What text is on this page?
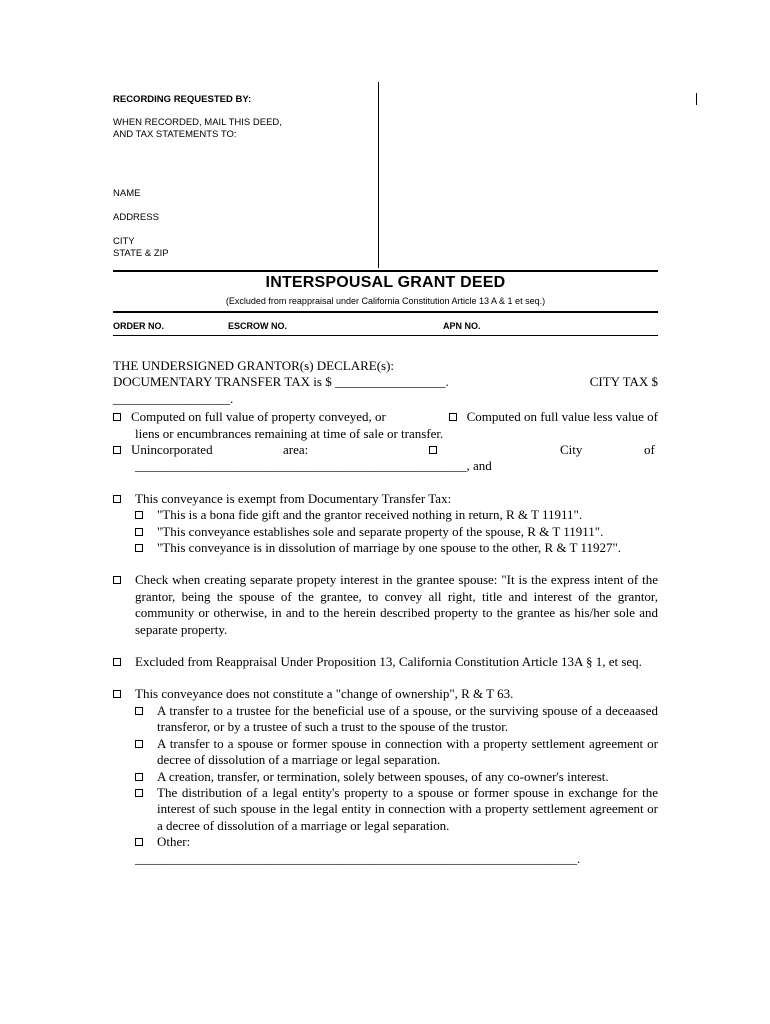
RECORDING REQUESTED BY:
WHEN RECORDED, MAIL THIS DEED,
AND TAX STATEMENTS TO:
NAME
ADDRESS
CITY
STATE & ZIP
INTERSPOUSAL GRANT DEED
(Excluded from reappraisal under California Constitution Article 13 A & 1 et seq.)
ORDER NO.	ESCROW NO.	APN NO.
THE UNDERSIGNED GRANTOR(s) DECLARE(s):
DOCUMENTARY TRANSFER TAX is $ _________________.	CITY TAX $
__________________.
Computed on full value of property conveyed, or	Computed on full value less value of
liens or encumbrances remaining at time of sale or transfer.
Unincorporated	area:	City	of
___________________________________________________, and
This conveyance is exempt from Documentary Transfer Tax:
"This is a bona fide gift and the grantor received nothing in return, R & T 11911".
"This conveyance establishes sole and separate property of the spouse, R & T 11911".
"This conveyance is in dissolution of marriage by one spouse to the other, R & T 11927".
Check when creating separate propety interest in the grantee spouse: "It is the express intent of the grantor, being the spouse of the grantee, to convey all right, title and interest of the grantor, community or otherwise, in and to the herein described property to the grantee as his/her sole and separate property.
Excluded from Reappraisal Under Proposition 13, California Constitution Article 13A § 1, et seq.
This conveyance does not constitute a "change of ownership", R & T 63.
A transfer to a trustee for the beneficial use of a spouse, or the surviving spouse of a deceaased transferor, or by a trustee of such a trust to the spouse of the trustor.
A transfer to a spouse or former spouse in connection with a property settlement agreement or decree of dissolution of a marriage or legal separation.
A creation, transfer, or termination, solely between spouses, of any co-owner's interest.
The distribution of a legal entity's property to a spouse or former spouse in exchange for the interest of such spouse in the legal entity in connection with a property settlement agreement or a decree of dissolution of a marriage or legal separation.
Other:
____________________________________________________________________.
